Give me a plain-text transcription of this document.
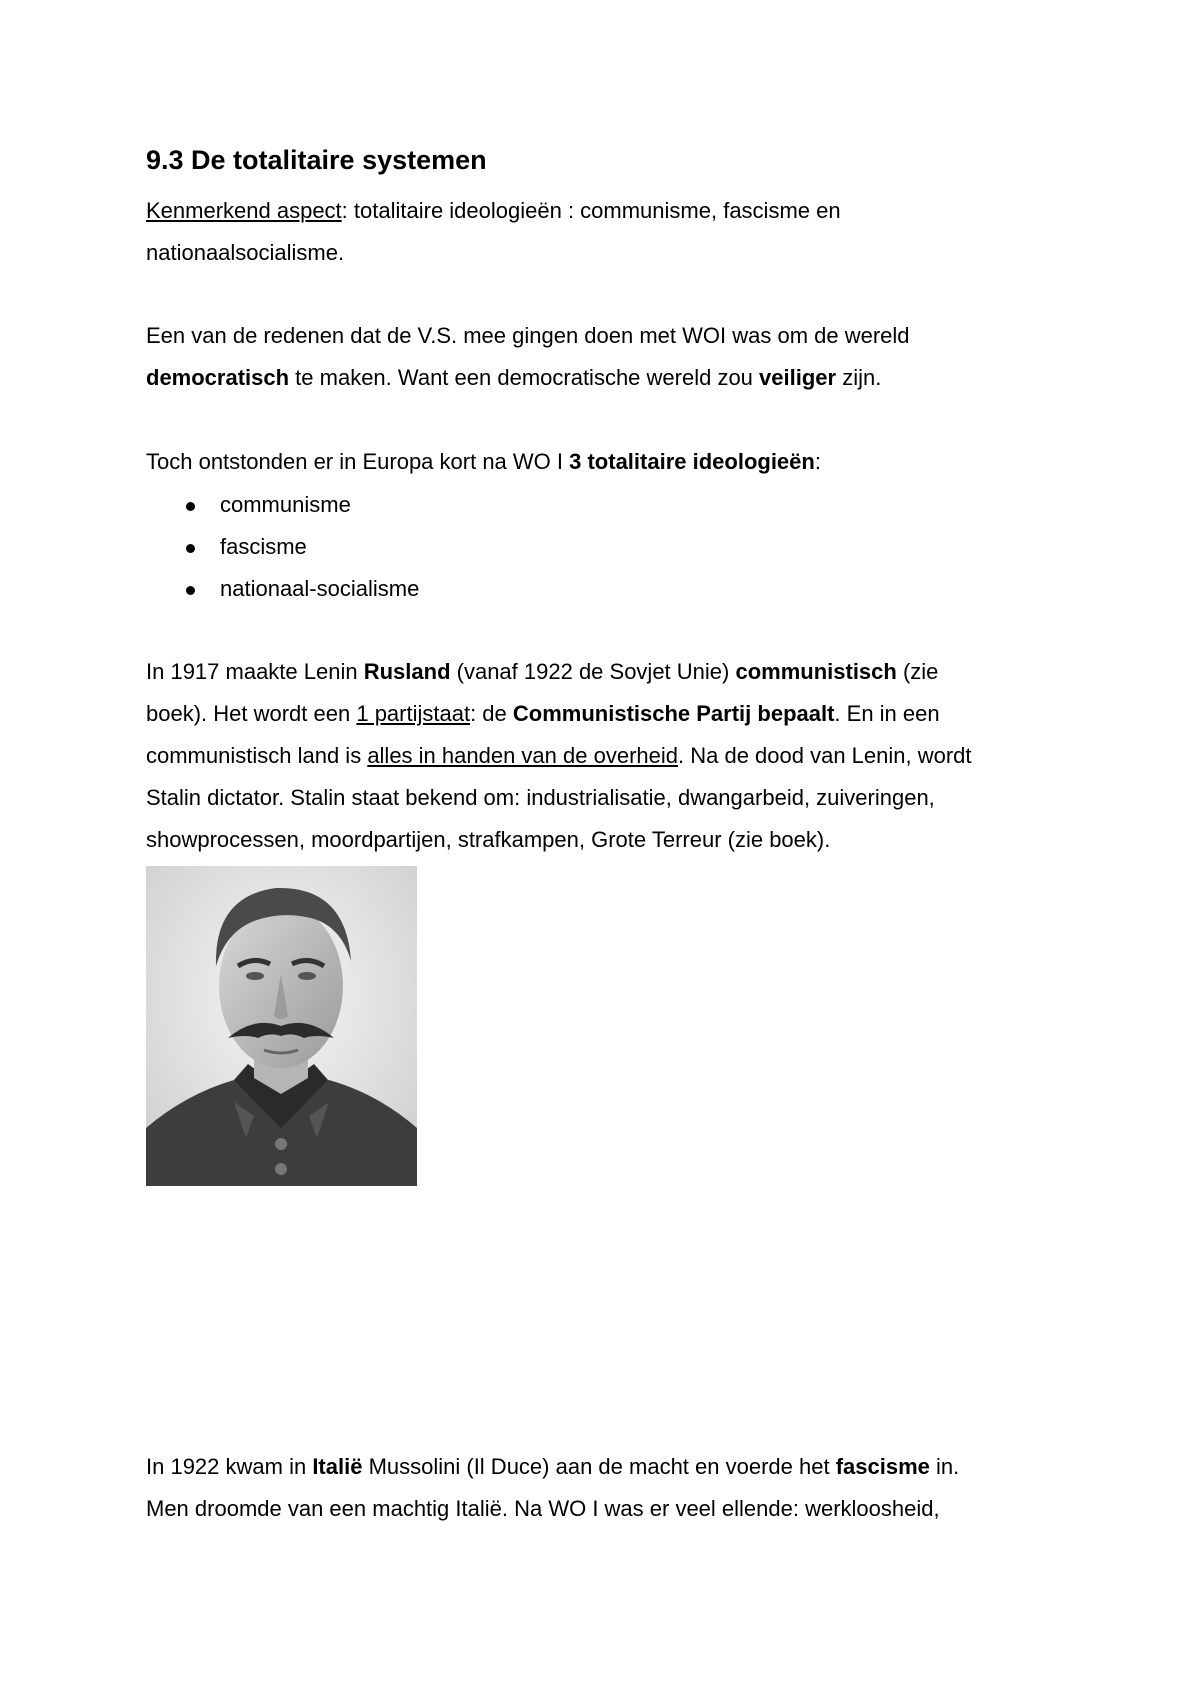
9.3 De totalitaire systemen

Kenmerkend aspect: totalitaire ideologieën : communisme, fascisme en
nationaalsocialisme.

Een van de redenen dat de V.S. mee gingen doen met WOI was om de wereld
democratisch te maken. Want een democratische wereld zou veiliger zijn.

Toch ontstonden er in Europa kort na WO I 3 totalitaire ideologieën:

communisme
fascisme
nationaal-socialisme

In 1917 maakte Lenin Rusland (vanaf 1922 de Sovjet Unie) communistisch (zie
boek). Het wordt een 1 partijstaat: de Communistische Partij bepaalt. En in een
communistisch land is alles in handen van de overheid. Na de dood van Lenin, wordt
Stalin dictator. Stalin staat bekend om: industrialisatie, dwangarbeid, zuiveringen,
showprocessen, moordpartijen, strafkampen, Grote Terreur (zie boek).

In 1922 kwam in Italië Mussolini (Il Duce) aan de macht en voerde het fascisme in.
Men droomde van een machtig Italië. Na WO I was er veel ellende: werkloosheid,
